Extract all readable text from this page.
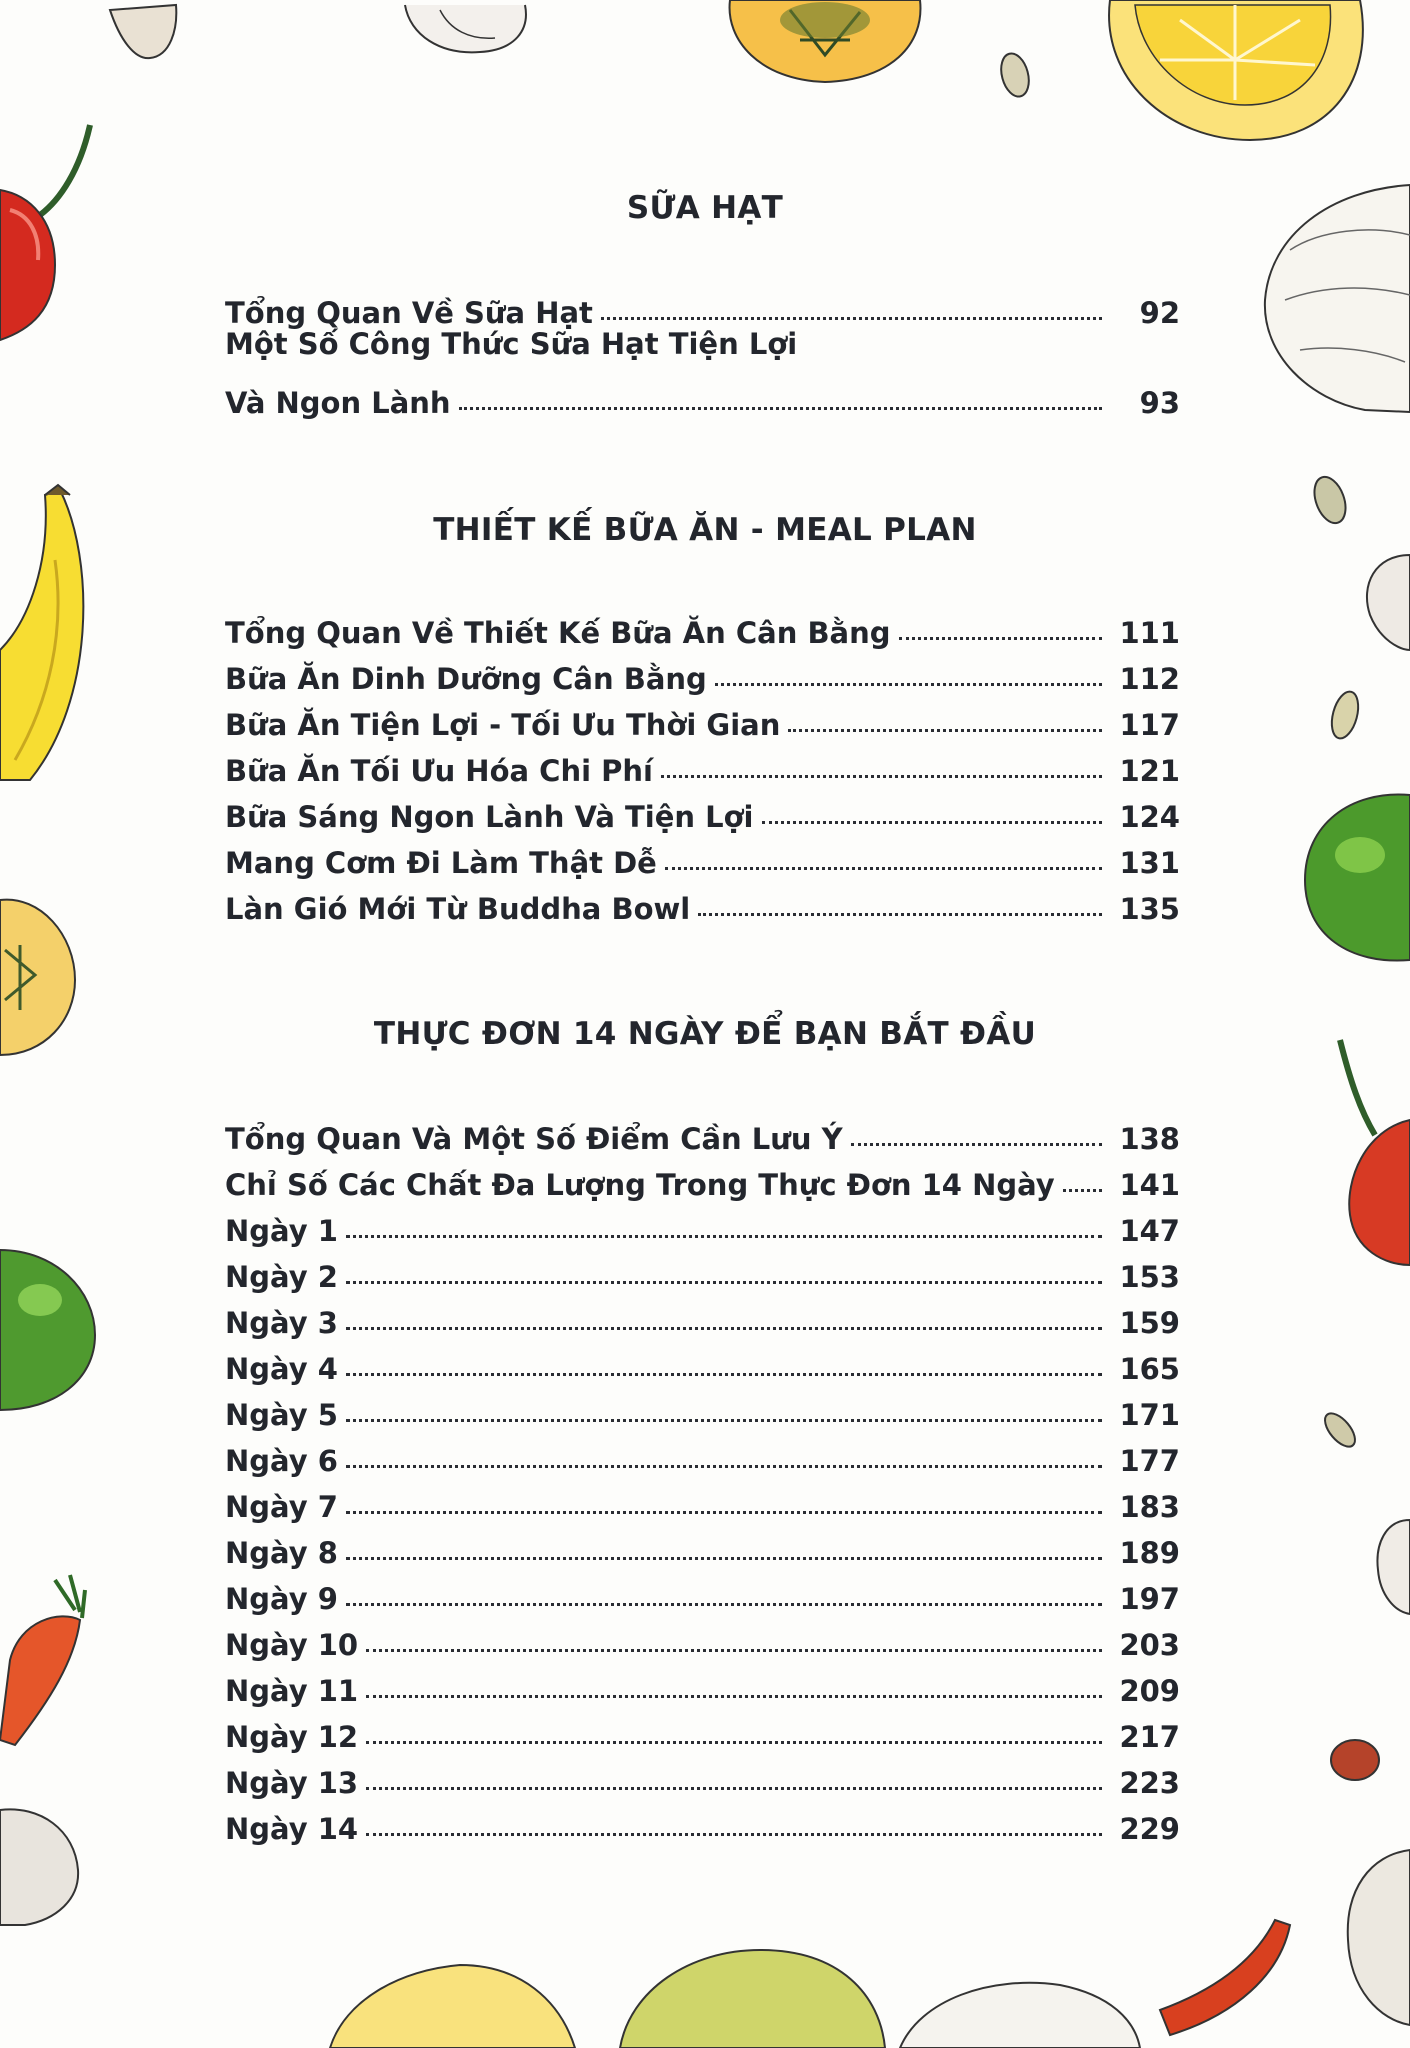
SỮA HẠT
Tổng Quan Về Sữa Hạt	92
Một Số Công Thức Sữa Hạt Tiện Lợi
Và Ngon Lành	93
THIẾT KẾ BỮA ĂN - MEAL PLAN
Tổng Quan Về Thiết Kế Bữa Ăn Cân Bằng	111
Bữa Ăn Dinh Dưỡng Cân Bằng	112
Bữa Ăn Tiện Lợi - Tối Ưu Thời Gian	117
Bữa Ăn Tối Ưu Hóa Chi Phí	121
Bữa Sáng Ngon Lành Và Tiện Lợi	124
Mang Cơm Đi Làm Thật Dễ	131
Làn Gió Mới Từ Buddha Bowl	135
THỰC ĐƠN 14 NGÀY ĐỂ BẠN BẮT ĐẦU
Tổng Quan Và Một Số Điểm Cần Lưu Ý	138
Chỉ Số Các Chất Đa Lượng Trong Thực Đơn 14 Ngày	141
Ngày 1	147
Ngày 2	153
Ngày 3	159
Ngày 4	165
Ngày 5	171
Ngày 6	177
Ngày 7	183
Ngày 8	189
Ngày 9	197
Ngày 10	203
Ngày 11	209
Ngày 12	217
Ngày 13	223
Ngày 14	229
